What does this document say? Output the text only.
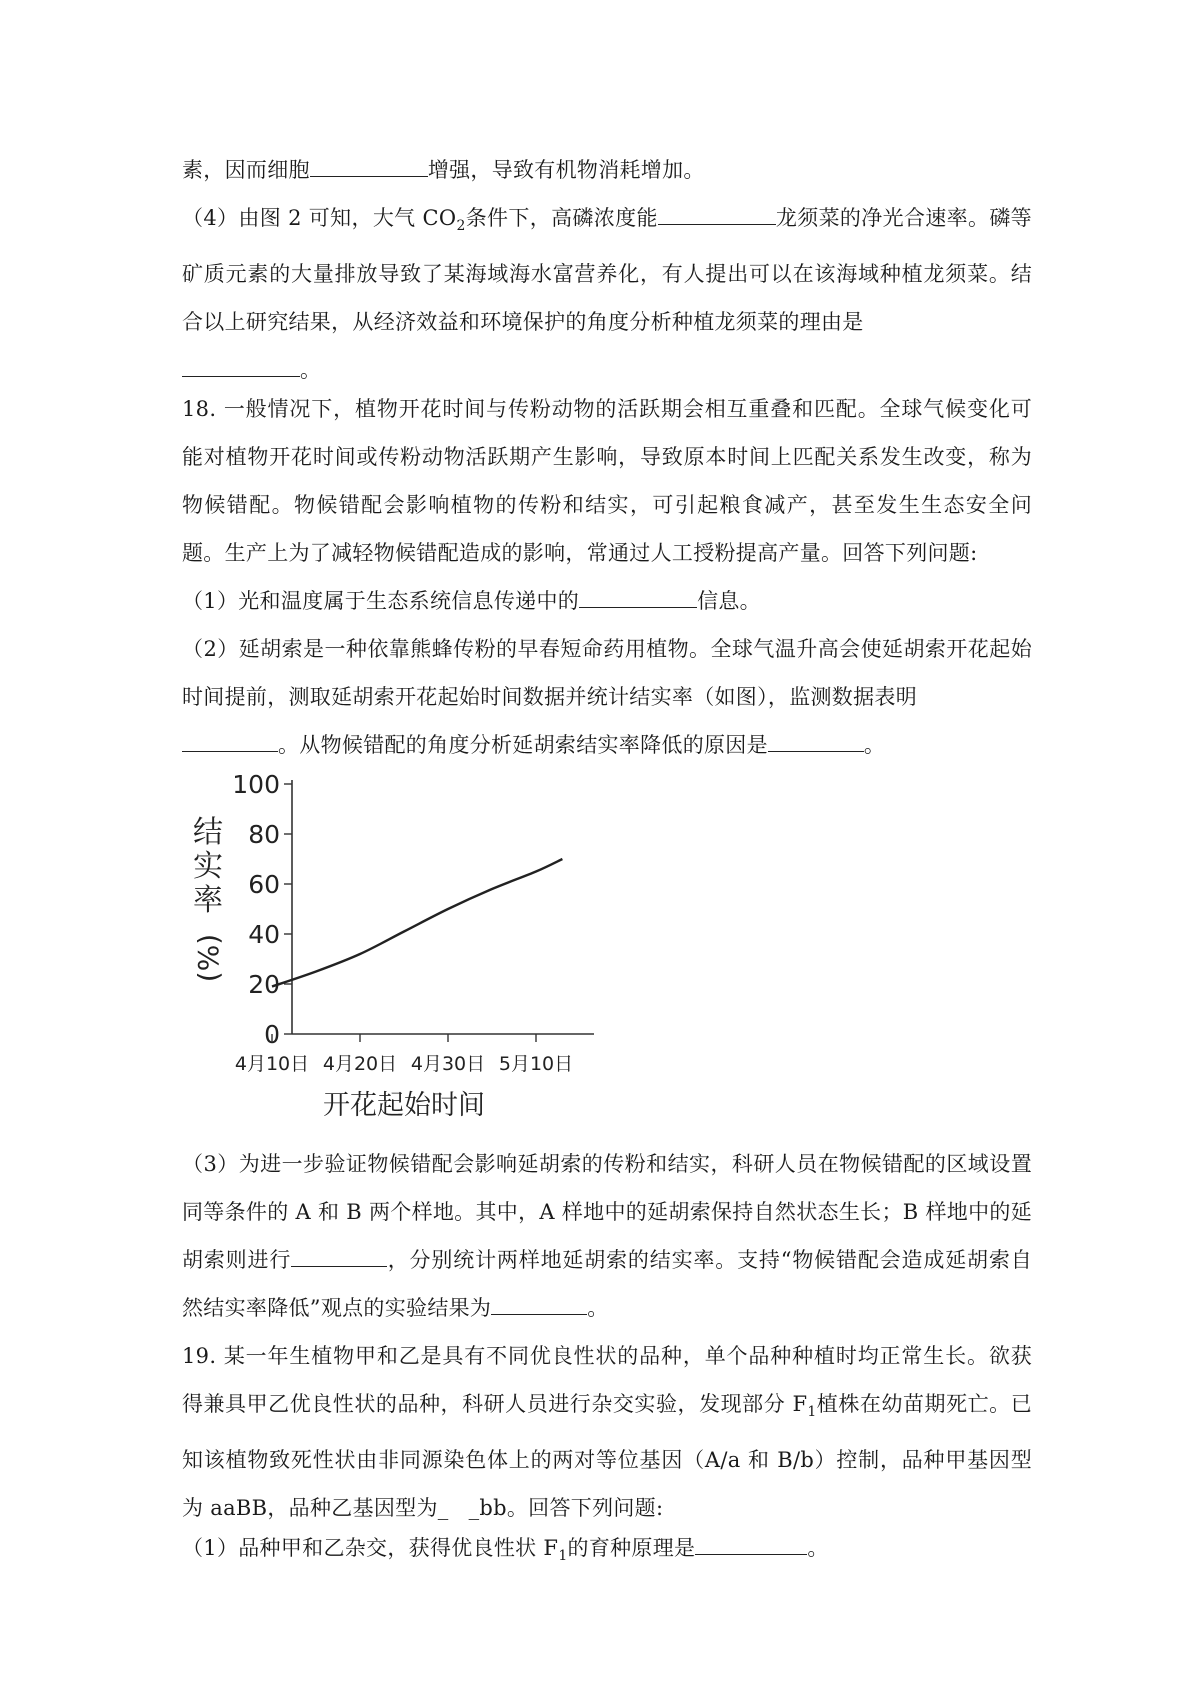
素，因而细胞	增强，导致有机物消耗增加。

（4）由图 2 可知，大气 $CO_2$条件下，高磷浓度能	龙须菜的净光合速率。磷等矿质元素的大量排放导致了某海域海水富营养化，有人提出可以在该海域种植龙须菜。结合以上研究结果，从经济效益和环境保护的角度分析种植龙须菜的理由是
。

18. 一般情况下，植物开花时间与传粉动物的活跃期会相互重叠和匹配。全球气候变化可能对植物开花时间或传粉动物活跃期产生影响，导致原本时间上匹配关系发生改变，称为物候错配。物候错配会影响植物的传粉和结实，可引起粮食减产，甚至发生生态安全问题。生产上为了减轻物候错配造成的影响，常通过人工授粉提高产量。回答下列问题:

（1）光和温度属于生态系统信息传递中的	信息。

（2）延胡索是一种依靠熊蜂传粉的早春短命药用植物。全球气温升高会使延胡索开花起始时间提前，测取延胡索开花起始时间数据并统计结实率（如图），监测数据表明
。从物候错配的角度分析延胡索结实率降低的原因是	。

结实率
(%)
0
20
40
60
80
100
4月10日 4月20日 4月30日 5月10日
开花起始时间

（3）为进一步验证物候错配会影响延胡索的传粉和结实，科研人员在物候错配的区域设置同等条件的 A 和 B 两个样地。其中，A 样地中的延胡索保持自然状态生长；B 样地中的延胡索则进行	，分别统计两样地延胡索的结实率。支持“物候错配会造成延胡索自然结实率降低”观点的实验结果为	。

19. 某一年生植物甲和乙是具有不同优良性状的品种，单个品种种植时均正常生长。欲获得兼具甲乙优良性状的品种，科研人员进行杂交实验，发现部分 $F_1$植株在幼苗期死亡。已知该植物致死性状由非同源染色体上的两对等位基因（A/a 和 B/b）控制，品种甲基因型为 aaBB，品种乙基因型为_ _bb。回答下列问题:

（1）品种甲和乙杂交，获得优良性状 $F_1$的育种原理是	。
